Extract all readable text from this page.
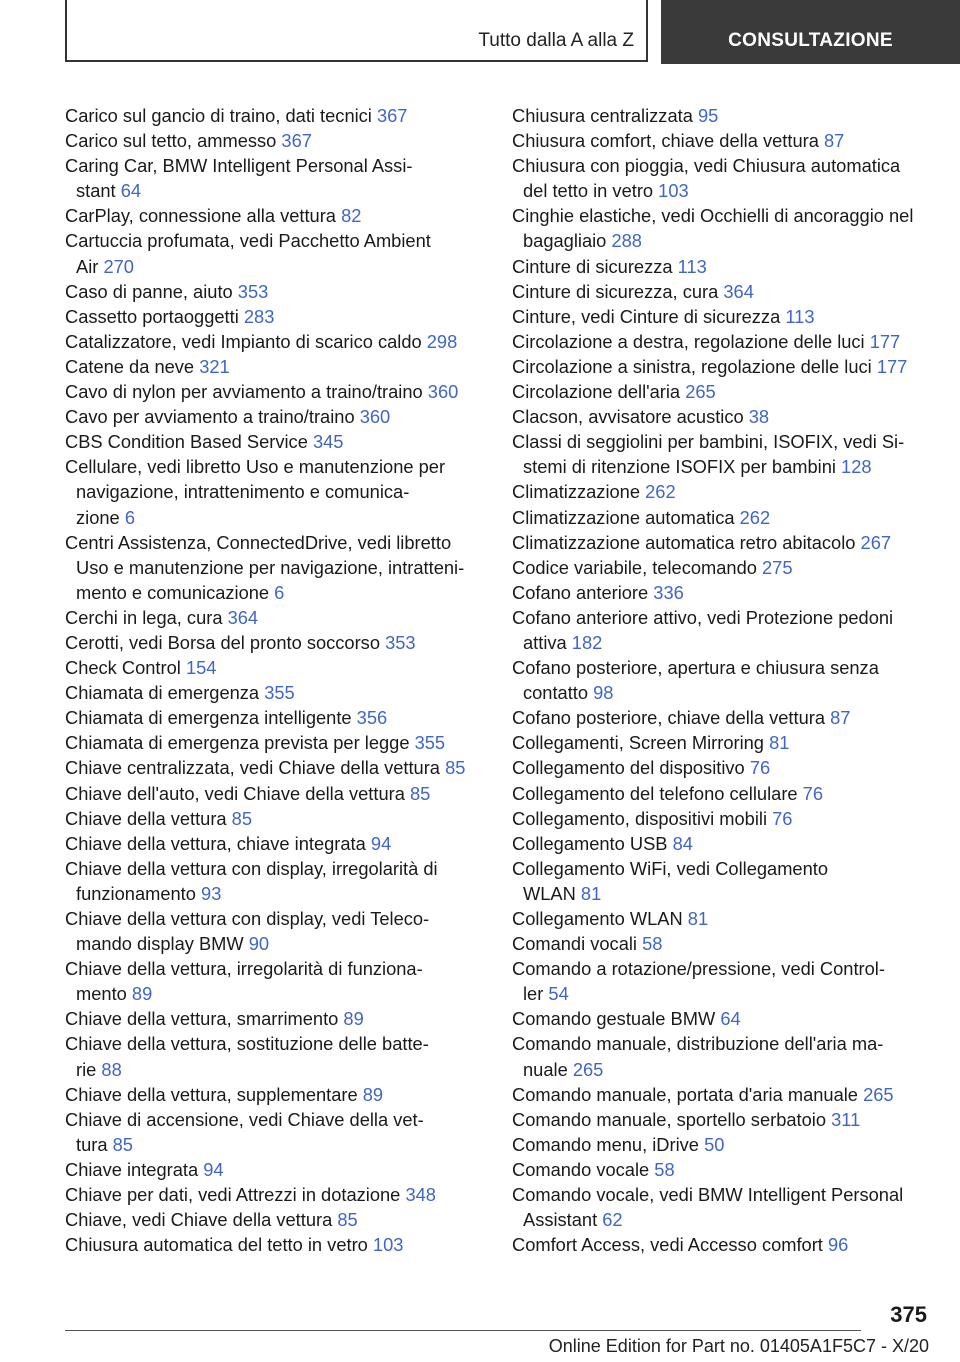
Tutto dalla A alla Z	CONSULTAZIONE
Carico sul gancio di traino, dati tecnici 367
Carico sul tetto, ammesso 367
Caring Car, BMW Intelligent Personal Assi-
stant 64
CarPlay, connessione alla vettura 82
Cartuccia profumata, vedi Pacchetto Ambient
Air 270
Caso di panne, aiuto 353
Cassetto portaoggetti 283
Catalizzatore, vedi Impianto di scarico caldo 298
Catene da neve 321
Cavo di nylon per avviamento a traino/traino 360
Cavo per avviamento a traino/traino 360
CBS Condition Based Service 345
Cellulare, vedi libretto Uso e manutenzione per
navigazione, intrattenimento e comunica-
zione 6
Centri Assistenza, ConnectedDrive, vedi libretto
Uso e manutenzione per navigazione, intratteni-
mento e comunicazione 6
Cerchi in lega, cura 364
Cerotti, vedi Borsa del pronto soccorso 353
Check Control 154
Chiamata di emergenza 355
Chiamata di emergenza intelligente 356
Chiamata di emergenza prevista per legge 355
Chiave centralizzata, vedi Chiave della vettura 85
Chiave dell'auto, vedi Chiave della vettura 85
Chiave della vettura 85
Chiave della vettura, chiave integrata 94
Chiave della vettura con display, irregolarità di
funzionamento 93
Chiave della vettura con display, vedi Teleco-
mando display BMW 90
Chiave della vettura, irregolarità di funziona-
mento 89
Chiave della vettura, smarrimento 89
Chiave della vettura, sostituzione delle batte-
rie 88
Chiave della vettura, supplementare 89
Chiave di accensione, vedi Chiave della vet-
tura 85
Chiave integrata 94
Chiave per dati, vedi Attrezzi in dotazione 348
Chiave, vedi Chiave della vettura 85
Chiusura automatica del tetto in vetro 103
Chiusura centralizzata 95
Chiusura comfort, chiave della vettura 87
Chiusura con pioggia, vedi Chiusura automatica
del tetto in vetro 103
Cinghie elastiche, vedi Occhielli di ancoraggio nel
bagagliaio 288
Cinture di sicurezza 113
Cinture di sicurezza, cura 364
Cinture, vedi Cinture di sicurezza 113
Circolazione a destra, regolazione delle luci 177
Circolazione a sinistra, regolazione delle luci 177
Circolazione dell'aria 265
Clacson, avvisatore acustico 38
Classi di seggiolini per bambini, ISOFIX, vedi Si-
stemi di ritenzione ISOFIX per bambini 128
Climatizzazione 262
Climatizzazione automatica 262
Climatizzazione automatica retro abitacolo 267
Codice variabile, telecomando 275
Cofano anteriore 336
Cofano anteriore attivo, vedi Protezione pedoni
attiva 182
Cofano posteriore, apertura e chiusura senza
contatto 98
Cofano posteriore, chiave della vettura 87
Collegamenti, Screen Mirroring 81
Collegamento del dispositivo 76
Collegamento del telefono cellulare 76
Collegamento, dispositivi mobili 76
Collegamento USB 84
Collegamento WiFi, vedi Collegamento
WLAN 81
Collegamento WLAN 81
Comandi vocali 58
Comando a rotazione/pressione, vedi Control-
ler 54
Comando gestuale BMW 64
Comando manuale, distribuzione dell'aria ma-
nuale 265
Comando manuale, portata d'aria manuale 265
Comando manuale, sportello serbatoio 311
Comando menu, iDrive 50
Comando vocale 58
Comando vocale, vedi BMW Intelligent Personal
Assistant 62
Comfort Access, vedi Accesso comfort 96
375
Online Edition for Part no. 01405A1F5C7 - X/20
